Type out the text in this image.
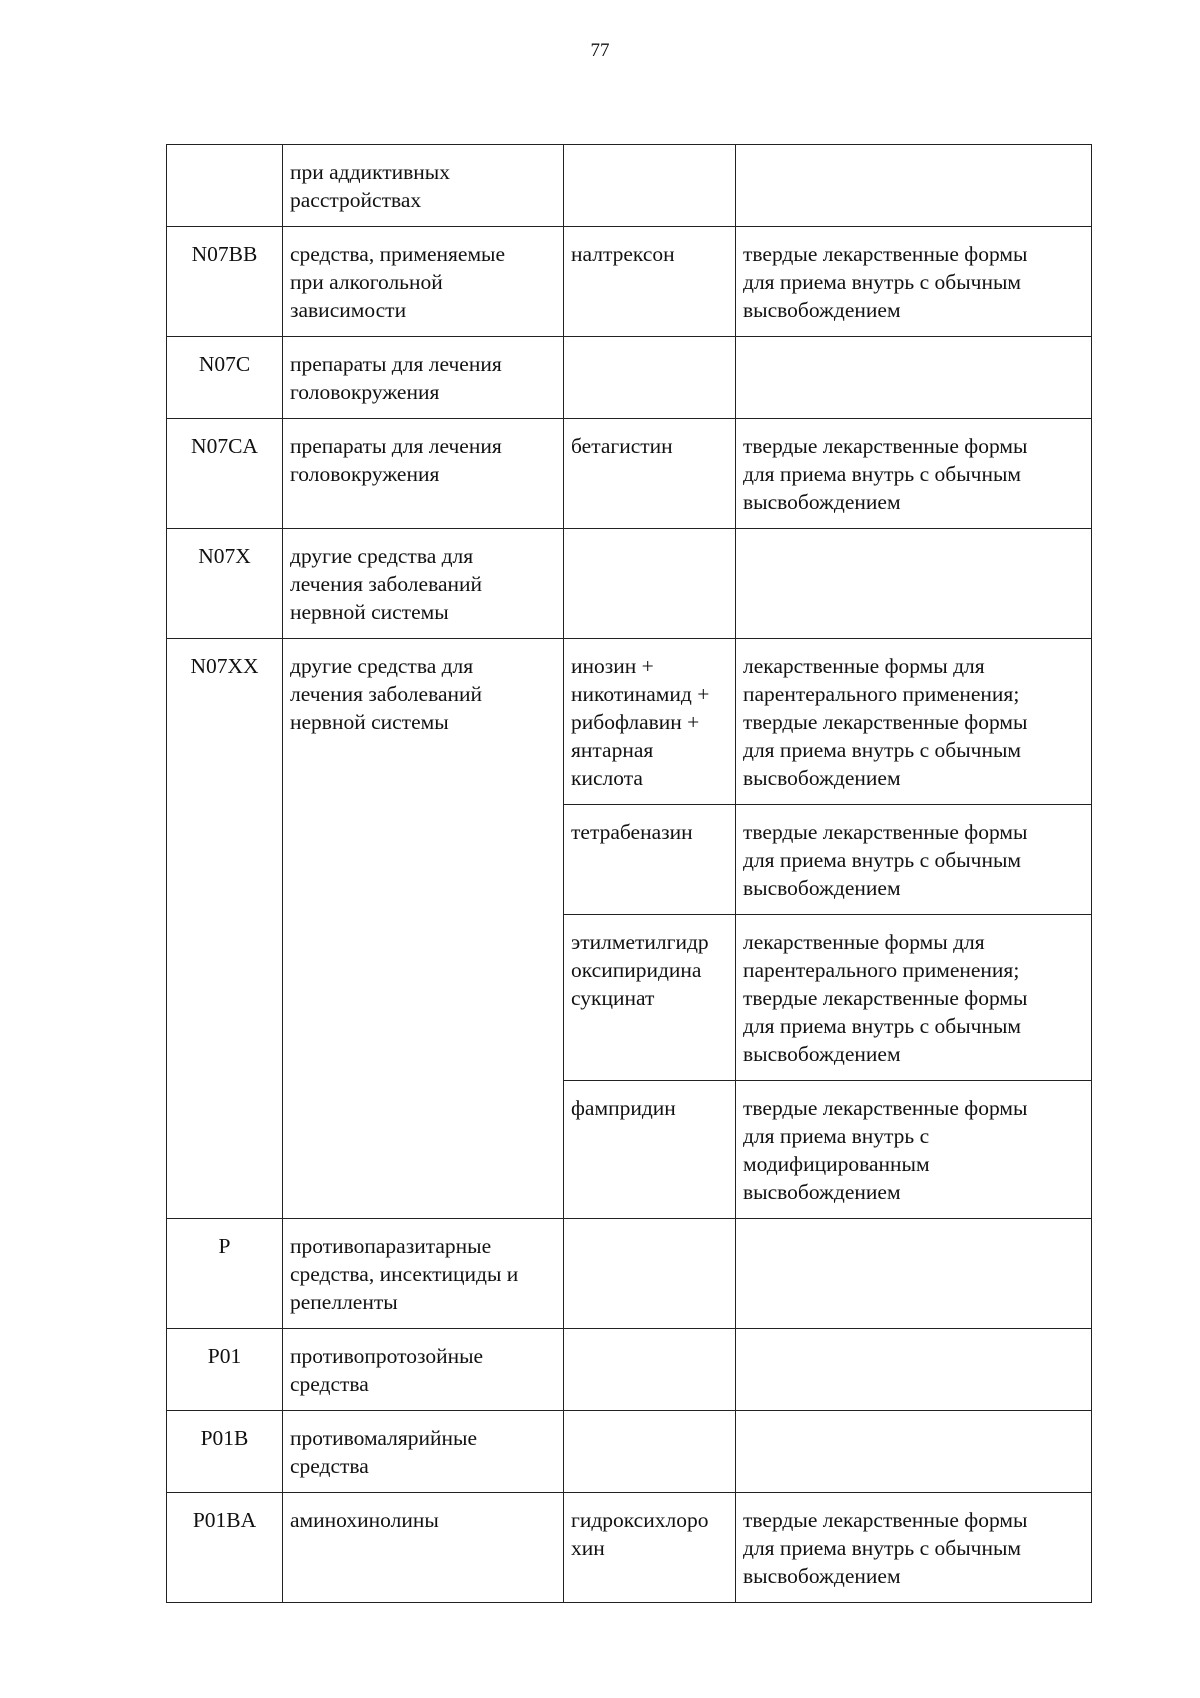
77

	при аддиктивных
расстройствах		

N07BB	средства, применяемые
при алкогольной
зависимости	налтрексон	твердые лекарственные формы
для приема внутрь с обычным
высвобождением

N07C	препараты для лечения
головокружения		

N07CA	препараты для лечения
головокружения	бетагистин	твердые лекарственные формы
для приема внутрь с обычным
высвобождением

N07X	другие средства для
лечения заболеваний
нервной системы		

N07XX	другие средства для
лечения заболеваний
нервной системы	инозин +
никотинамид +
рибофлавин +
янтарная
кислота	лекарственные формы для
парентерального применения;
твердые лекарственные формы
для приема внутрь с обычным
высвобождением

		тетрабеназин	твердые лекарственные формы
для приема внутрь с обычным
высвобождением

		этилметилгидр
оксипиридина
сукцинат	лекарственные формы для
парентерального применения;
твердые лекарственные формы
для приема внутрь с обычным
высвобождением

		фампридин	твердые лекарственные формы
для приема внутрь с
модифицированным
высвобождением

P	противопаразитарные
средства, инсектициды и
репелленты		

P01	противопротозойные
средства		

P01B	противомалярийные
средства		

P01BA	аминохинолины	гидроксихлоро
хин	твердые лекарственные формы
для приема внутрь с обычным
высвобождением
